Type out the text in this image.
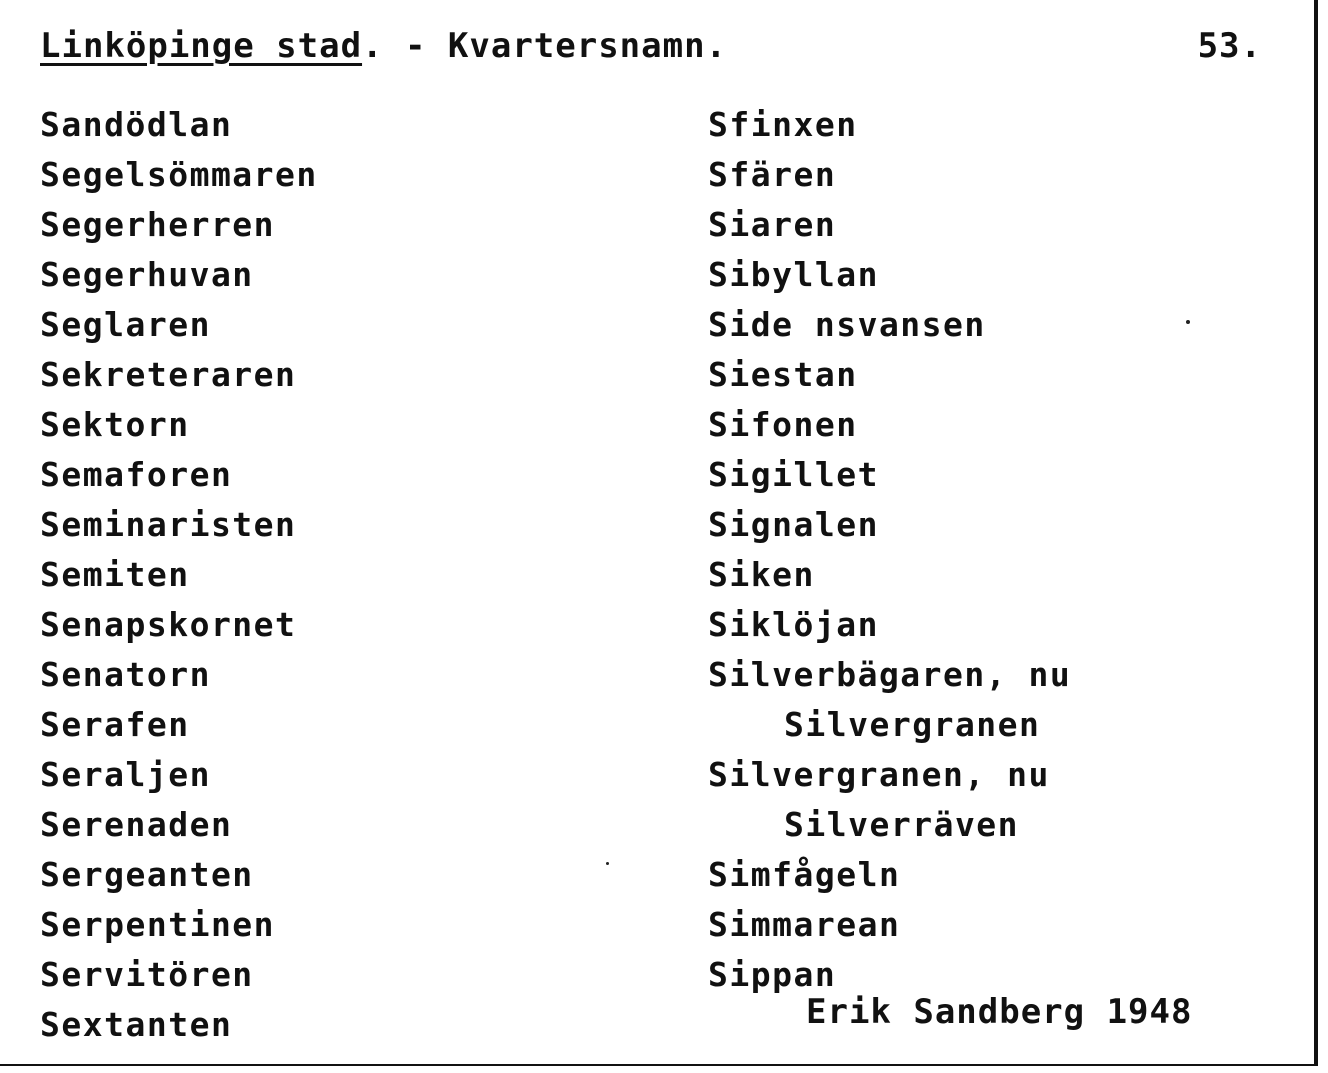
Linköpinge stad. - Kvartersnamn.	53.
Sandödlan
Segelsömmaren
Segerherren
Segerhuvan
Seglaren
Sekreteraren
Sektorn
Semaforen
Seminaristen
Semiten
Senapskornet
Senatorn
Serafen
Seraljen
Serenaden
Sergeanten
Serpentinen
Servitören
Sextanten
Sfinxen
Sfären
Siaren
Sibyllan
Side nsvansen
Siestan
Sifonen
Sigillet
Signalen
Siken
Siklöjan
Silverbägaren, nu
Silvergranen
Silvergranen, nu
Silverräven
Simfågeln
Simmarean
Sippan
Erik Sandberg 1948
